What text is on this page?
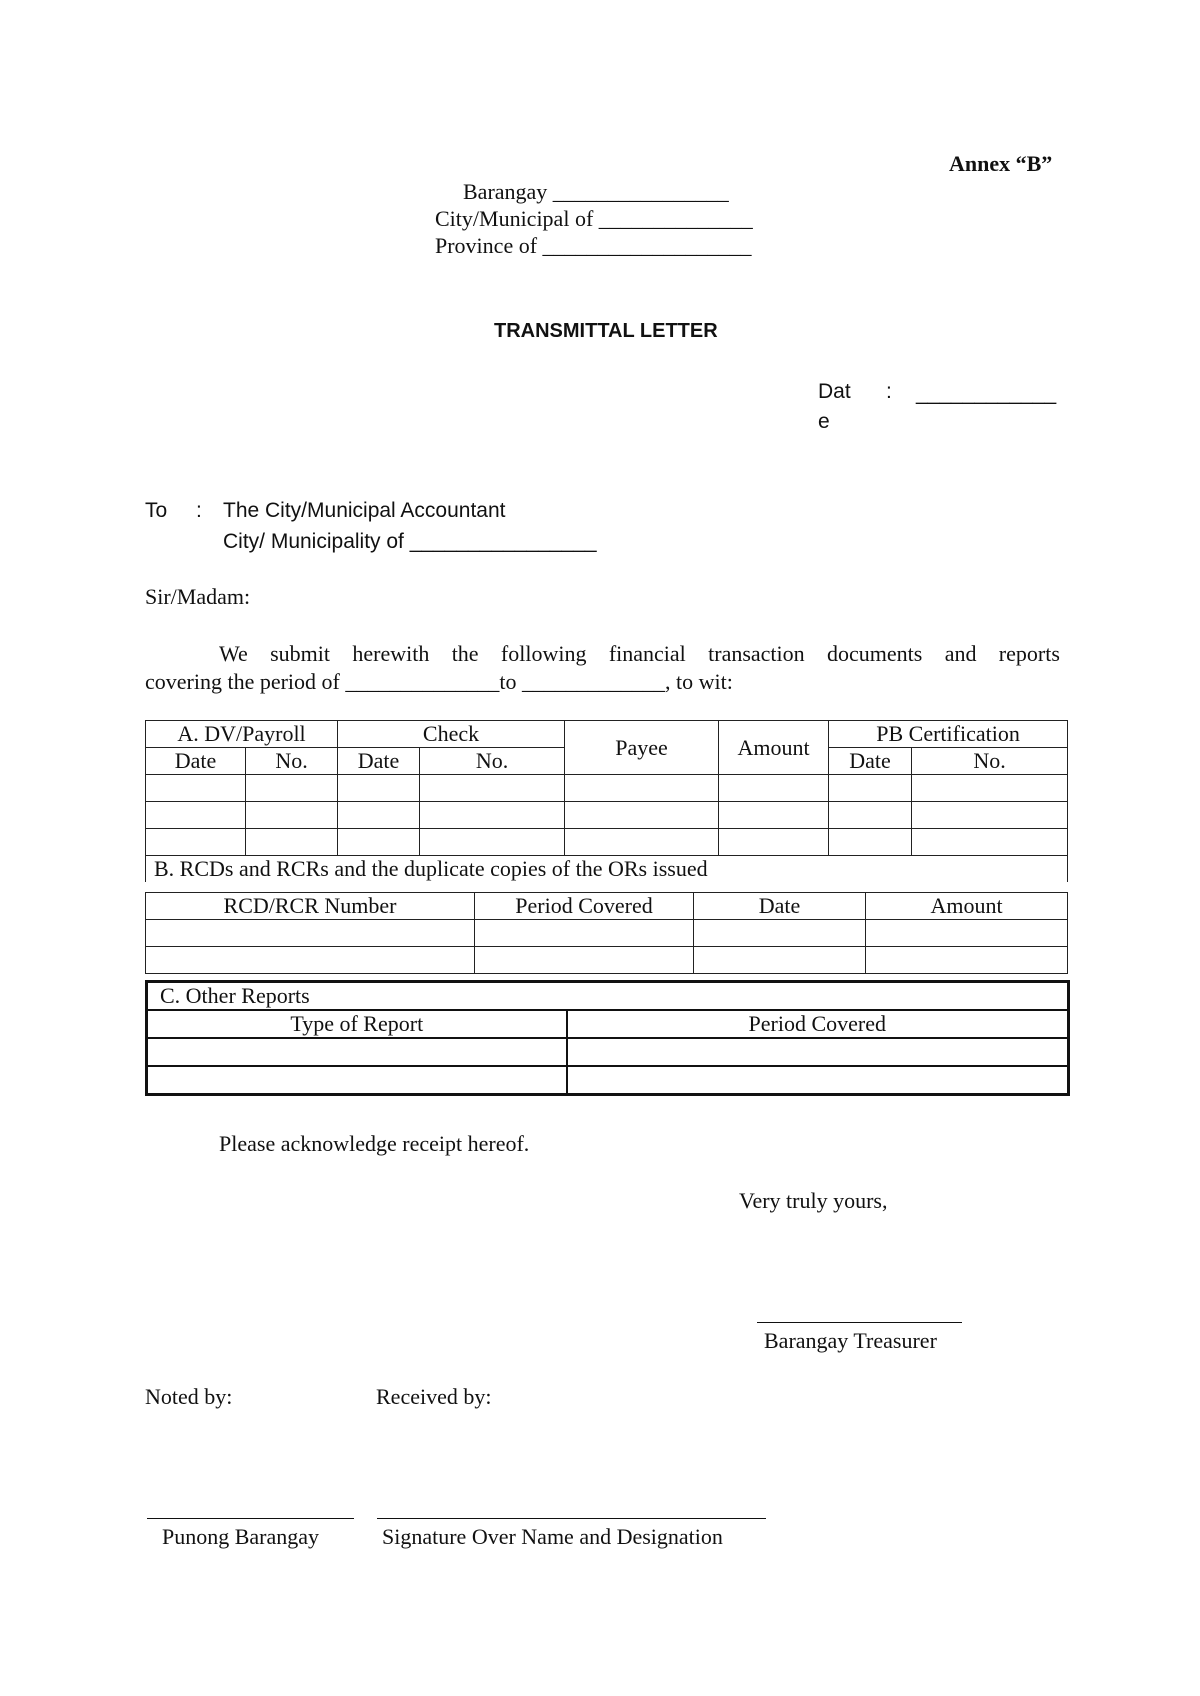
Annex “B”
Barangay ________________
City/Municipal of ______________
Province of ___________________
TRANSMITTAL LETTER
Dat
e
: ____________
To : The City/Municipal Accountant
City/ Municipality of ________________
Sir/Madam:
We submit herewith the following financial transaction documents and reports
covering the period of ______________to _____________, to wit:
A. DV/Payroll		Check		Payee	Amount	PB Certification	
Date	No.	Date	No.			Date	No.

B. RCDs and RCRs and the duplicate copies of the ORs issued							
RCD/RCR Number	Period Covered	Date	Amount

C. Other Reports	
Type of Report	Period Covered

Please acknowledge receipt hereof.
Very truly yours,
Barangay Treasurer
Noted by:	Received by:
Punong Barangay	Signature Over Name and Designation
